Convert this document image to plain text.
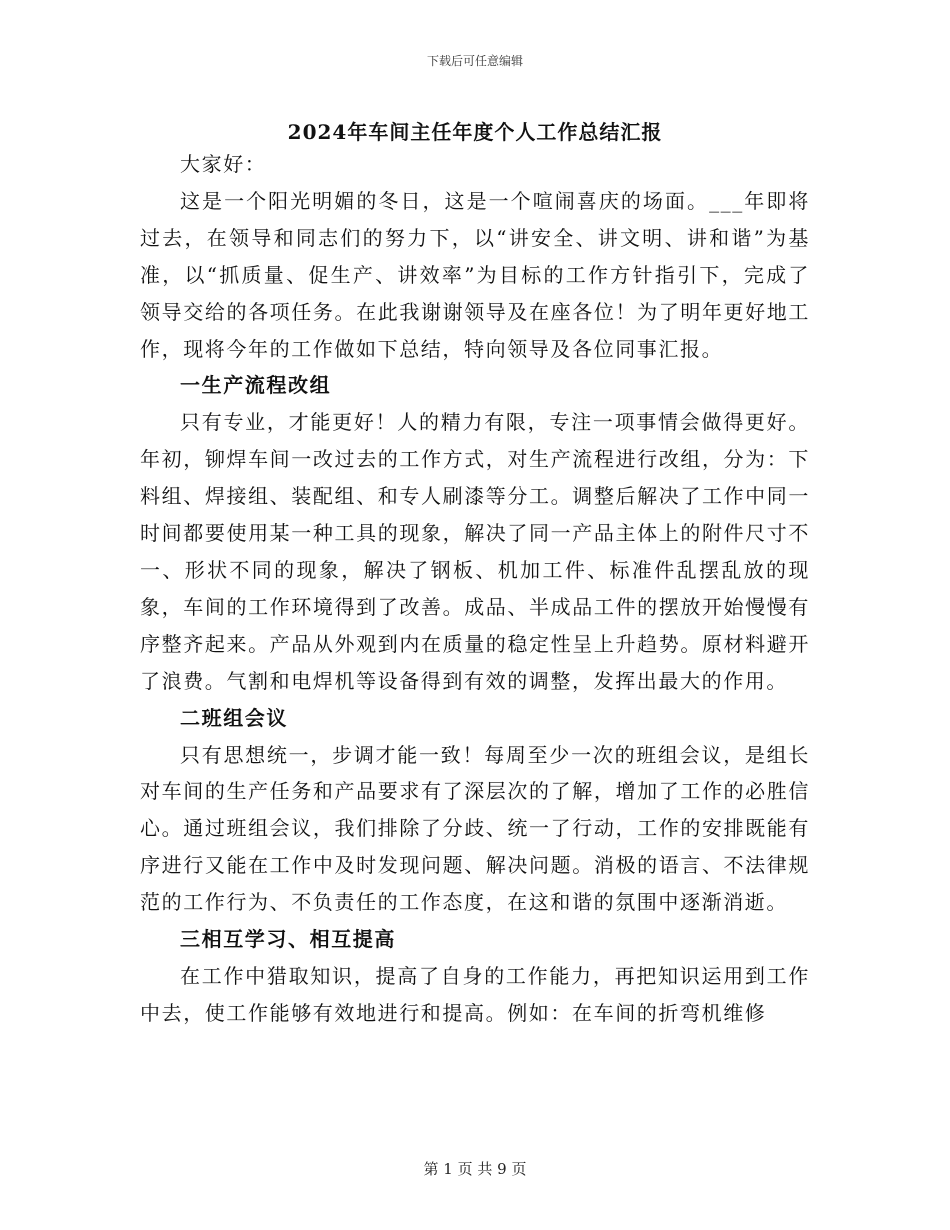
下载后可任意编辑
2024年车间主任年度个人工作总结汇报

大家好：

这是一个阳光明媚的冬日，这是一个喧闹喜庆的场面。___年即将过去，在领导和同志们的努力下，以“讲安全、讲文明、讲和谐”为基准，以“抓质量、促生产、讲效率”为目标的工作方针指引下，完成了领导交给的各项任务。在此我谢谢领导及在座各位！为了明年更好地工作，现将今年的工作做如下总结，特向领导及各位同事汇报。

一生产流程改组

只有专业，才能更好！人的精力有限，专注一项事情会做得更好。年初，铆焊车间一改过去的工作方式，对生产流程进行改组，分为：下料组、焊接组、装配组、和专人刷漆等分工。调整后解决了工作中同一时间都要使用某一种工具的现象，解决了同一产品主体上的附件尺寸不一、形状不同的现象，解决了钢板、机加工件、标准件乱摆乱放的现象，车间的工作环境得到了改善。成品、半成品工件的摆放开始慢慢有序整齐起来。产品从外观到内在质量的稳定性呈上升趋势。原材料避开了浪费。气割和电焊机等设备得到有效的调整，发挥出最大的作用。

二班组会议

只有思想统一，步调才能一致！每周至少一次的班组会议，是组长对车间的生产任务和产品要求有了深层次的了解，增加了工作的必胜信心。通过班组会议，我们排除了分歧、统一了行动，工作的安排既能有序进行又能在工作中及时发现问题、解决问题。消极的语言、不法律规范的工作行为、不负责任的工作态度，在这和谐的氛围中逐渐消逝。

三相互学习、相互提高

在工作中猎取知识，提高了自身的工作能力，再把知识运用到工作中去，使工作能够有效地进行和提高。例如：在车间的折弯机维修

第 1 页 共 9 页
